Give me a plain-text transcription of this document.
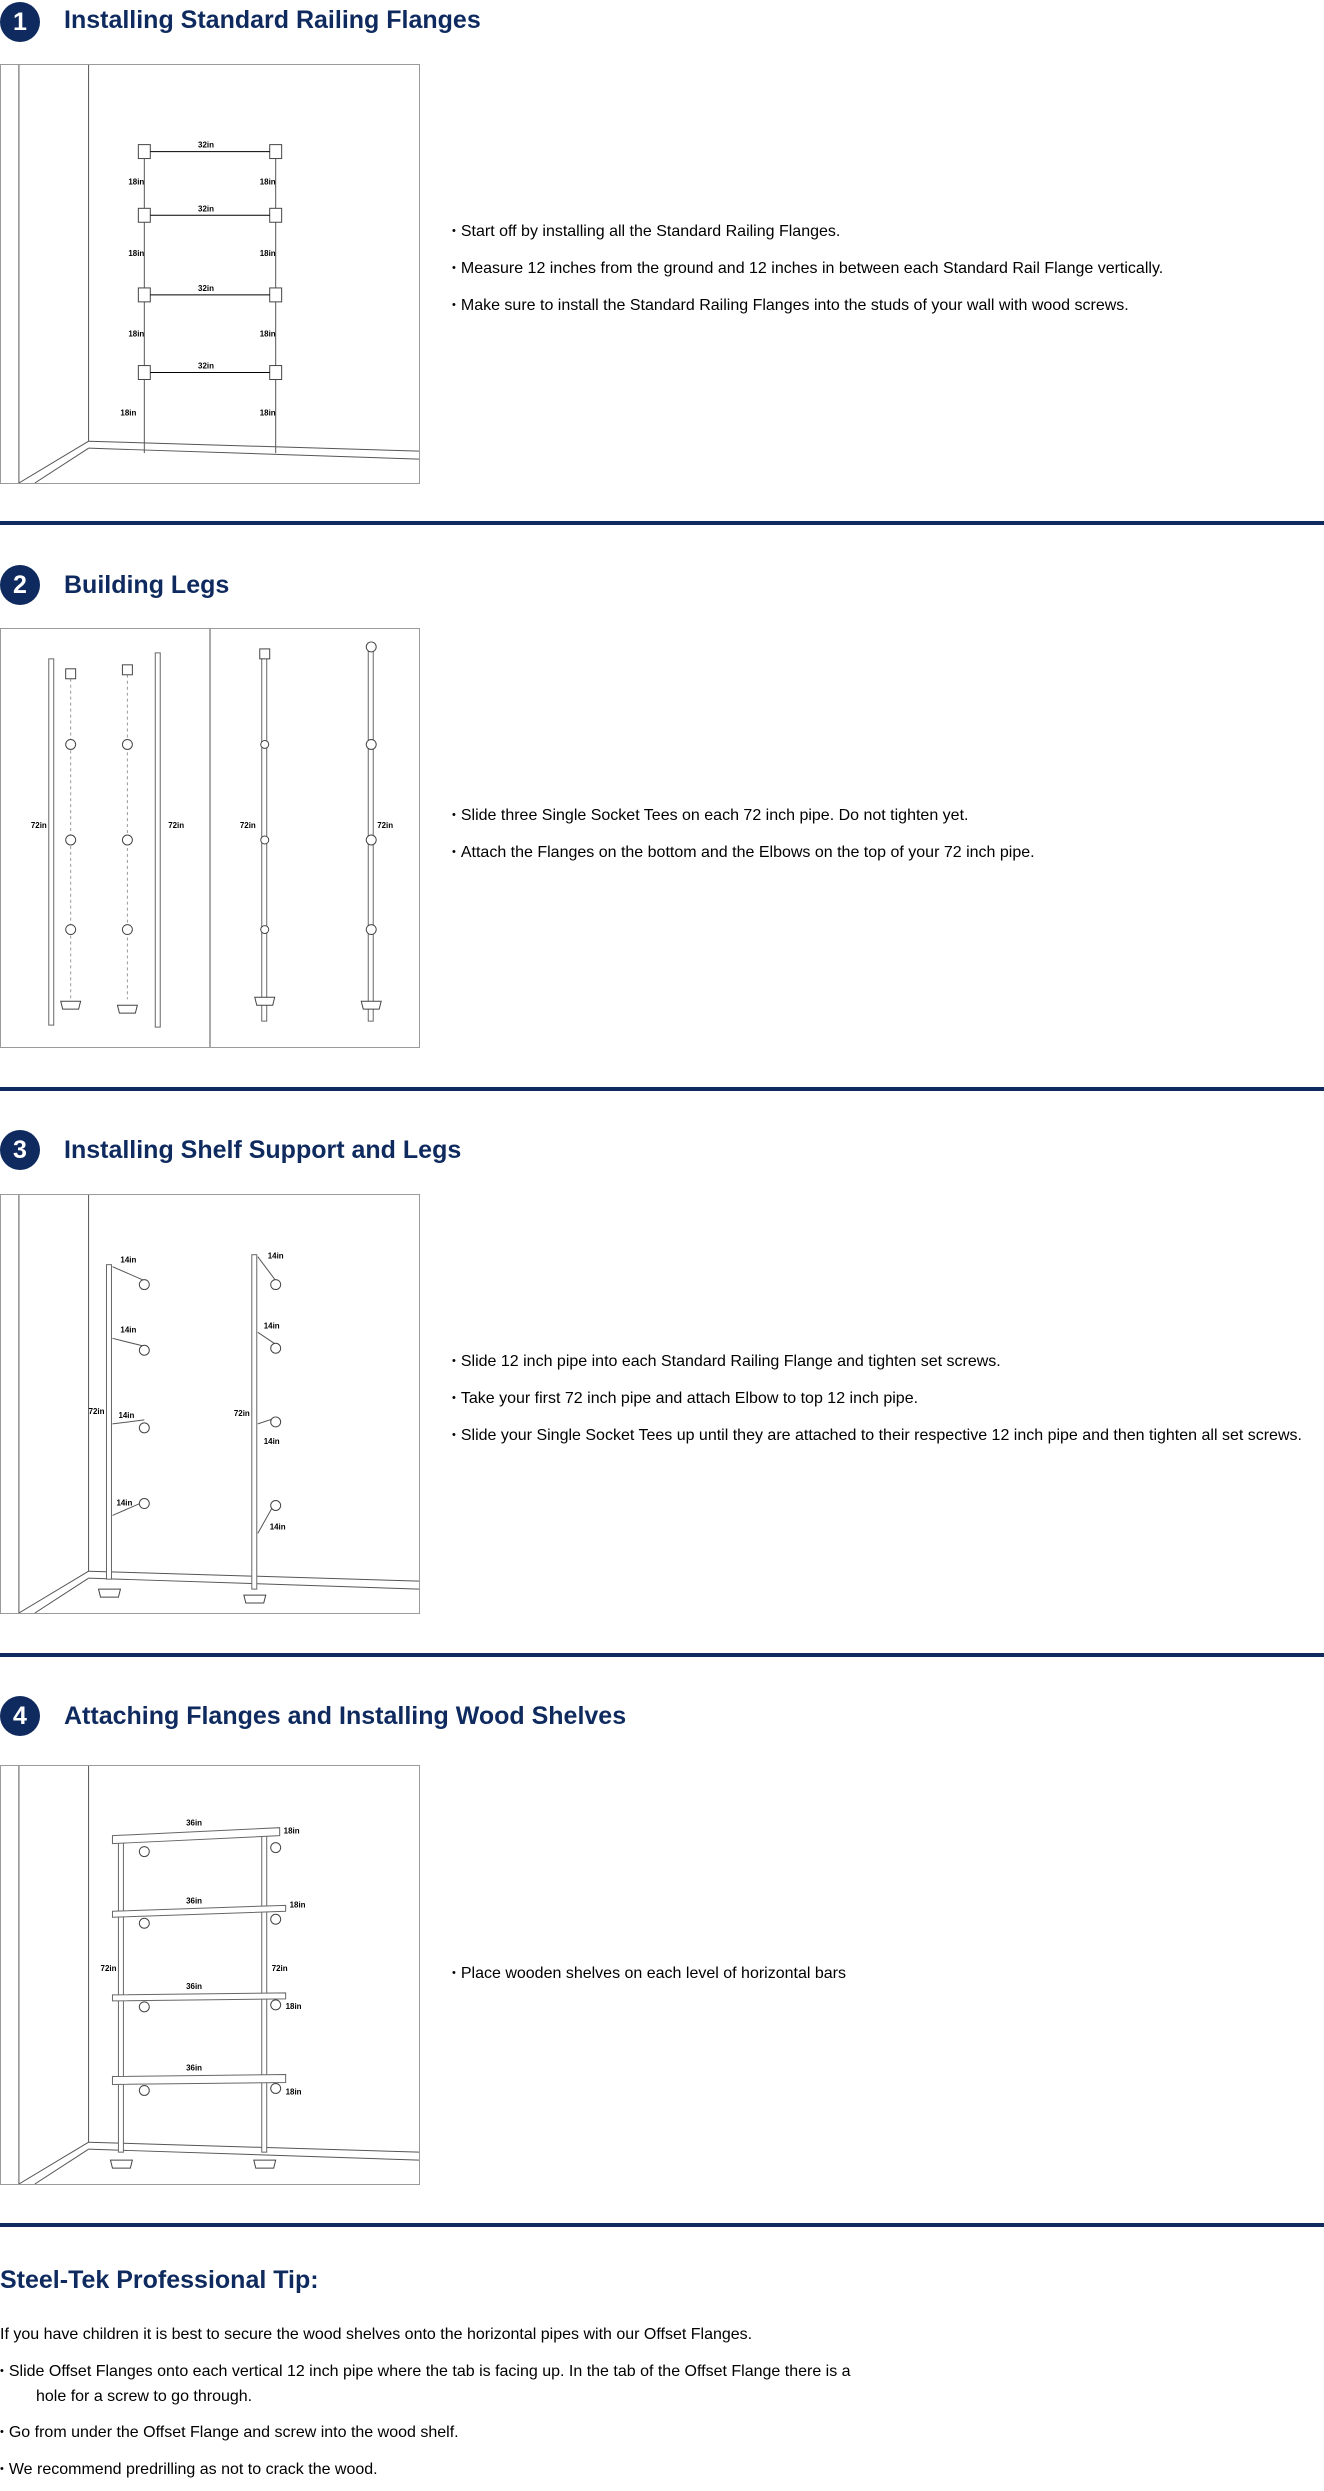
1	Installing Standard Railing Flanges
32in
18in	18in
32in
18in	18in
32in
18in	18in
32in
18in	18in
• Start off by installing all the Standard Railing Flanges.
• Measure 12 inches from the ground and 12 inches in between each Standard Rail Flange vertically.
• Make sure to install the Standard Railing Flanges into the studs of your wall with wood screws.
2	Building Legs
72in	72in	72in	72in
• Slide three Single Socket Tees on each 72 inch pipe. Do not tighten yet.
• Attach the Flanges on the bottom and the Elbows on the top of your 72 inch pipe.
3	Installing Shelf Support and Legs
14in
14in
14in
14in
14in
14in
14in
14in
72in	72in
• Slide 12 inch pipe into each Standard Railing Flange and tighten set screws.
• Take your first 72 inch pipe and attach Elbow to top 12 inch pipe.
• Slide your Single Socket Tees up until they are attached to their respective 12 inch pipe and then tighten all set screws.
4	Attaching Flanges and Installing Wood Shelves
36in
36in
36in
36in
18in
18in
18in
18in
72in	72in
•	Place wooden shelves on each level of horizontal bars
Steel-Tek Professional Tip:

If you have children it is best to secure the wood shelves onto the horizontal pipes with our Offset Flanges.

• Slide Offset Flanges onto each vertical 12 inch pipe where the tab is facing up. In the tab of the Offset Flange there is a hole for a screw to go through.
• Go from under the Offset Flange and screw into the wood shelf.
• We recommend predrilling as not to crack the wood.
